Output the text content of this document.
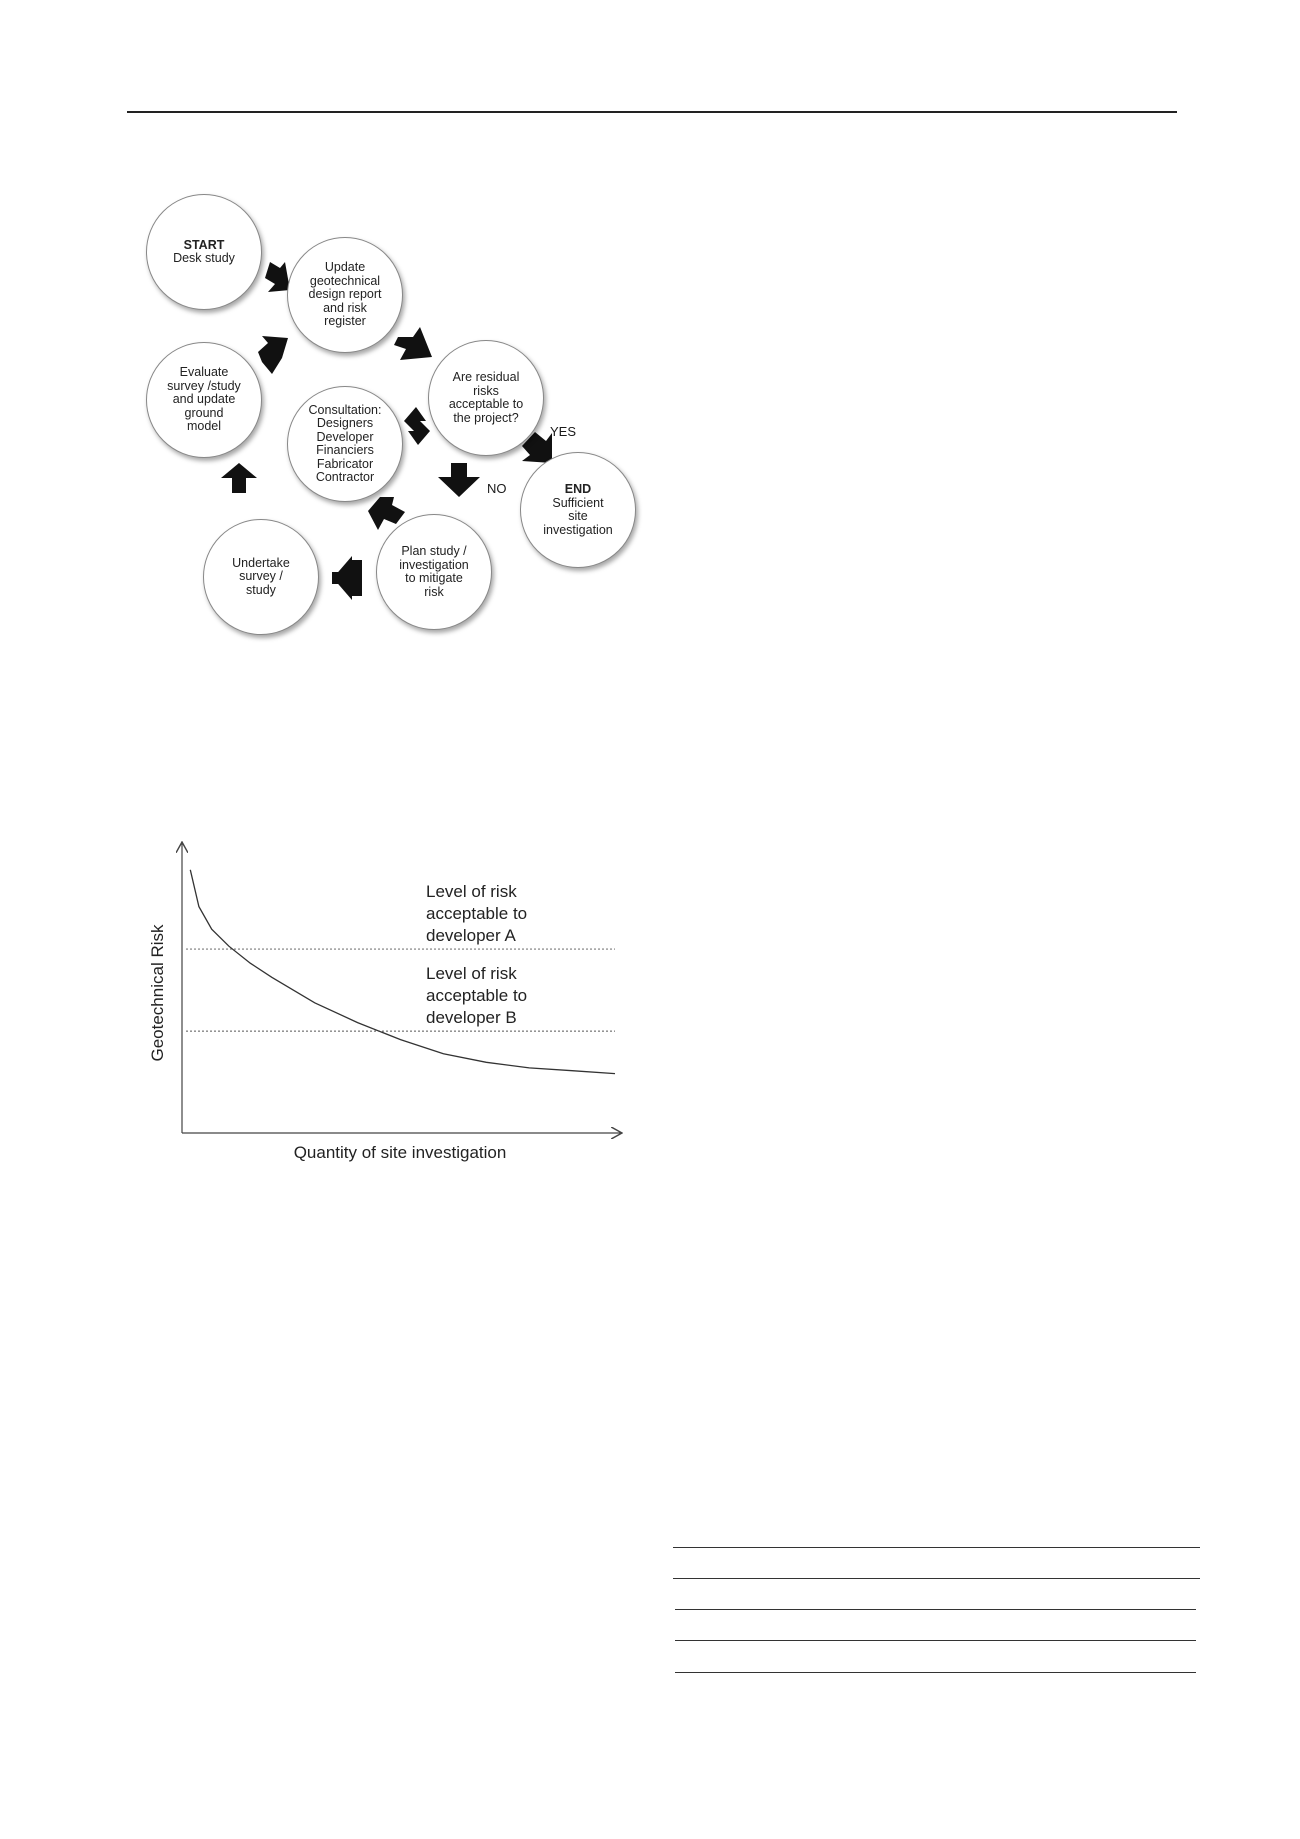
START
Desk study
Update
geotechnical
design report
and risk
register
Are residual
risks
acceptable to
the project?
END
Sufficient
site
investigation
Consultation:
Designers
Developer
Financiers
Fabricator
Contractor
Evaluate
survey /study
and update
ground
model
Plan study /
investigation
to mitigate
risk
Undertake
survey /
study
YES
NO
Level of risk
acceptable to
developer A
Level of risk
acceptable to
developer B
Quantity of site investigation
Geotechnical Risk
